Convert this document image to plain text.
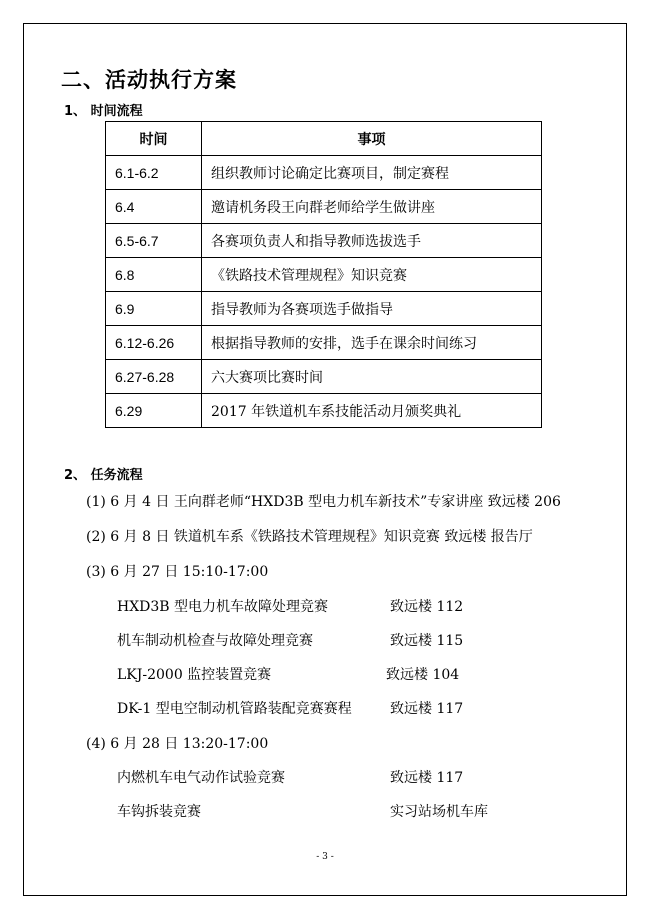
二、活动执行方案
1、 时间流程
时间	事项
6.1-6.2	组织教师讨论确定比赛项目，制定赛程
6.4	邀请机务段王向群老师给学生做讲座
6.5-6.7	各赛项负责人和指导教师选拔选手
6.8	《铁路技术管理规程》知识竞赛
6.9	指导教师为各赛项选手做指导
6.12-6.26	根据指导教师的安排，选手在课余时间练习
6.27-6.28	六大赛项比赛时间
6.29	2017 年铁道机车系技能活动月颁奖典礼
2、 任务流程
(1) 6 月 4 日 王向群老师“HXD3B 型电力机车新技术”专家讲座 致远楼 206
(2) 6 月 8 日 铁道机车系《铁路技术管理规程》知识竞赛 致远楼 报告厅
(3) 6 月 27 日 15:10-17:00
HXD3B 型电力机车故障处理竞赛	致远楼 112
机车制动机检查与故障处理竞赛	致远楼 115
LKJ-2000 监控装置竞赛	致远楼 104
DK-1 型电空制动机管路装配竞赛赛程	致远楼 117
(4) 6 月 28 日 13:20-17:00
内燃机车电气动作试验竞赛	致远楼 117
车钩拆装竞赛	实习站场机车库
- 3 -
